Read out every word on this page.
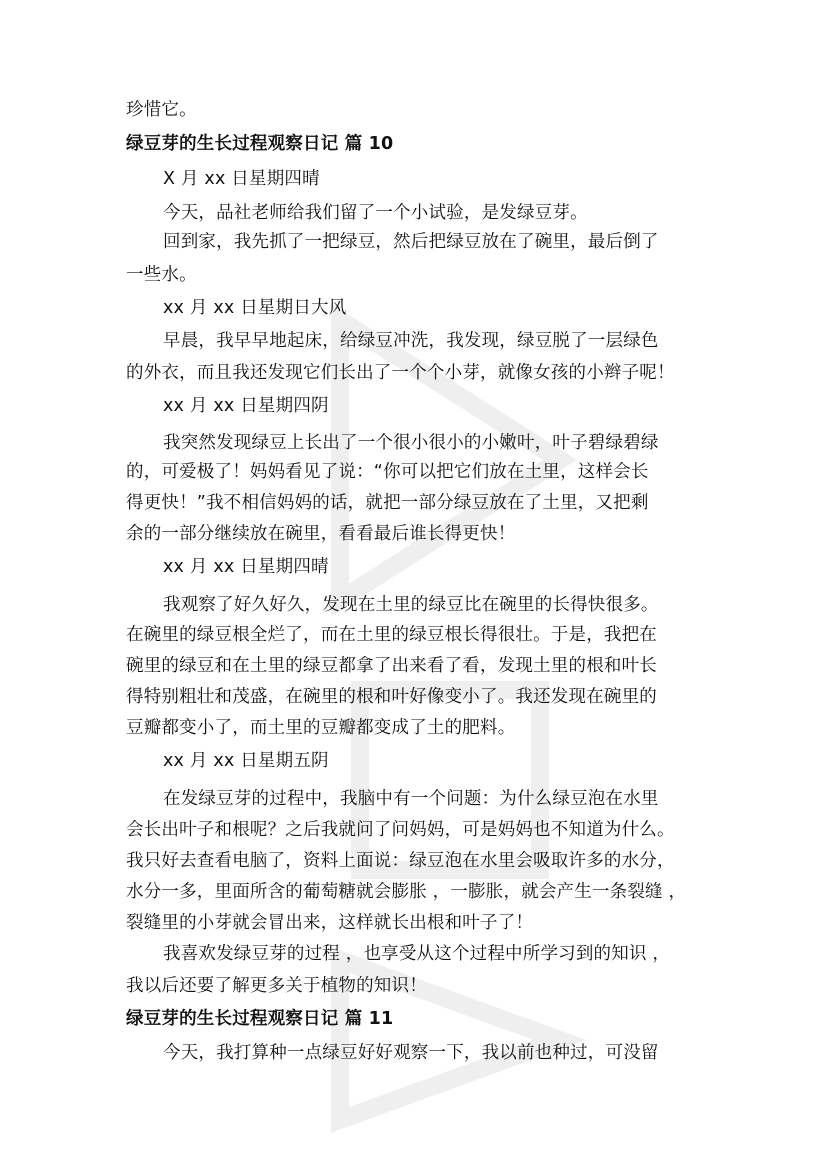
珍惜它。
绿豆芽的生长过程观察日记 篇 10
X 月 xx 日星期四晴
今天，品社老师给我们留了一个小试验，是发绿豆芽。
回到家，我先抓了一把绿豆，然后把绿豆放在了碗里，最后倒了
一些水。
xx 月 xx 日星期日大风
早晨，我早早地起床，给绿豆冲洗，我发现，绿豆脱了一层绿色
的外衣，而且我还发现它们长出了一个个小芽，就像女孩的小辫子呢！
xx 月 xx 日星期四阴
我突然发现绿豆上长出了一个很小很小的小嫩叶，叶子碧绿碧绿
的，可爱极了！妈妈看见了说：“你可以把它们放在土里，这样会长
得更快！”我不相信妈妈的话，就把一部分绿豆放在了土里，又把剩
余的一部分继续放在碗里，看看最后谁长得更快！
xx 月 xx 日星期四晴
我观察了好久好久，发现在土里的绿豆比在碗里的长得快很多。
在碗里的绿豆根全烂了，而在土里的绿豆根长得很壮。于是，我把在
碗里的绿豆和在土里的绿豆都拿了出来看了看，发现土里的根和叶长
得特别粗壮和茂盛，在碗里的根和叶好像变小了。我还发现在碗里的
豆瓣都变小了，而土里的豆瓣都变成了土的肥料。
xx 月 xx 日星期五阴
在发绿豆芽的过程中，我脑中有一个问题：为什么绿豆泡在水里
会长出叶子和根呢？之后我就问了问妈妈，可是妈妈也不知道为什么。
我只好去查看电脑了，资料上面说：绿豆泡在水里会吸取许多的水分，
水分一多，里面所含的葡萄糖就会膨胀 ，一膨胀，就会产生一条裂缝 ，
裂缝里的小芽就会冒出来，这样就长出根和叶子了！
我喜欢发绿豆芽的过程 ，也享受从这个过程中所学习到的知识 ，
我以后还要了解更多关于植物的知识！
绿豆芽的生长过程观察日记 篇 11
今天，我打算种一点绿豆好好观察一下，我以前也种过，可没留
